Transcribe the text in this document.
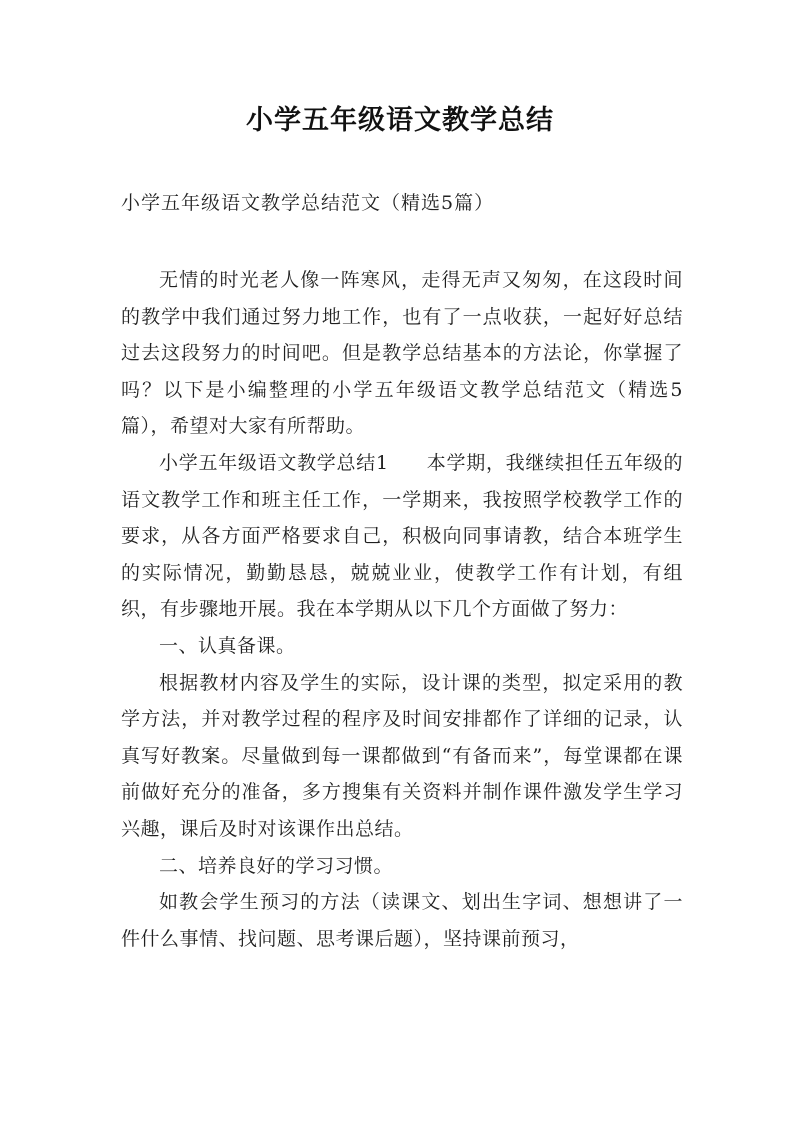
小学五年级语文教学总结
小学五年级语文教学总结范文（精选5篇）

无情的时光老人像一阵寒风，走得无声又匆匆，在这段时间的教学中我们通过努力地工作，也有了一点收获，一起好好总结过去这段努力的时间吧。但是教学总结基本的方法论，你掌握了吗？以下是小编整理的小学五年级语文教学总结范文（精选5篇），希望对大家有所帮助。

小学五年级语文教学总结1 本学期，我继续担任五年级的语文教学工作和班主任工作，一学期来，我按照学校教学工作的要求，从各方面严格要求自己，积极向同事请教，结合本班学生的实际情况，勤勤恳恳，兢兢业业，使教学工作有计划，有组织，有步骤地开展。我在本学期从以下几个方面做了努力：

一、认真备课。

根据教材内容及学生的实际，设计课的类型，拟定采用的教学方法，并对教学过程的程序及时间安排都作了详细的记录，认真写好教案。尽量做到每一课都做到“有备而来”，每堂课都在课前做好充分的准备，多方搜集有关资料并制作课件激发学生学习兴趣，课后及时对该课作出总结。

二、培养良好的学习习惯。

如教会学生预习的方法（读课文、划出生字词、想想讲了一件什么事情、找问题、思考课后题），坚持课前预习，
